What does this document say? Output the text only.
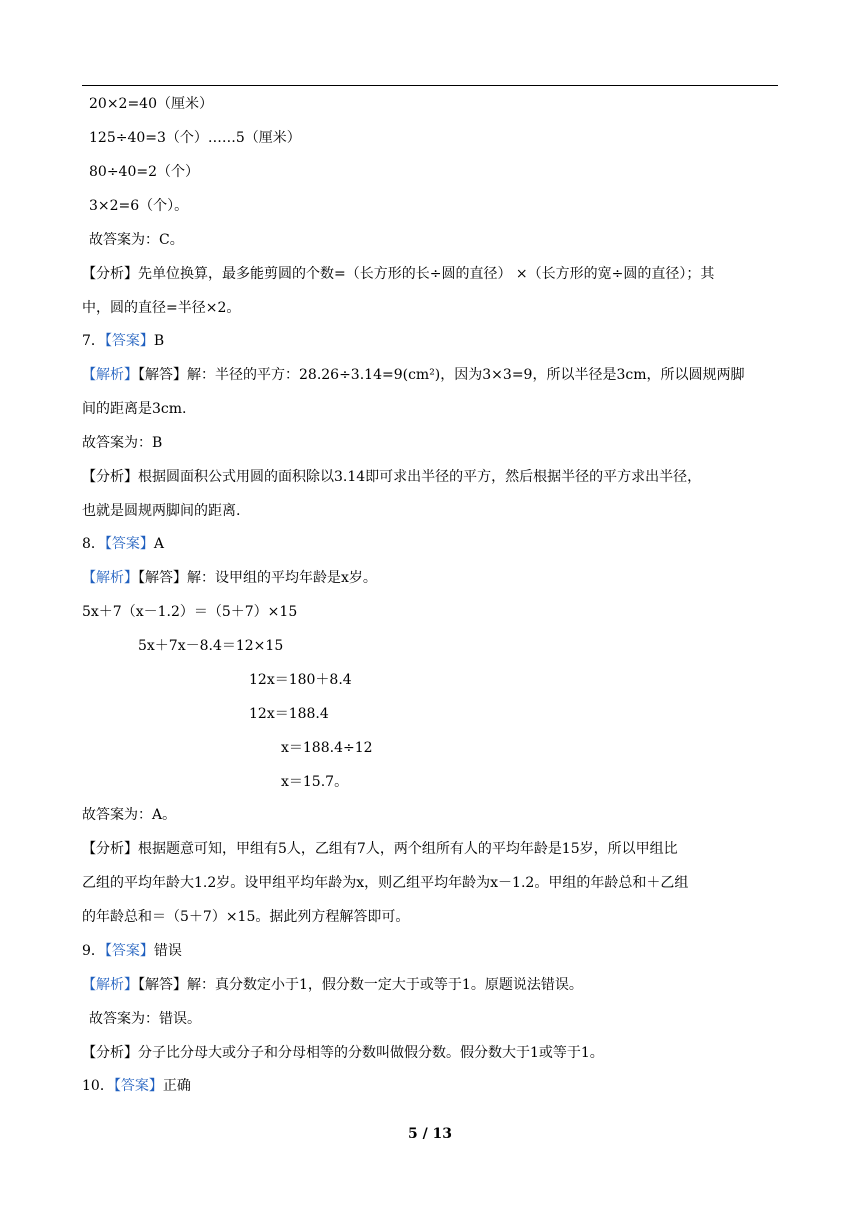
20×2=40（厘米）
125÷40=3（个）……5（厘米）
80÷40=2（个）
3×2=6（个）。
故答案为：C。
【分析】先单位换算，最多能剪圆的个数=（长方形的长÷圆的直径） ×（长方形的宽÷圆的直径）；其
中，圆的直径=半径×2。
7．【答案】B
【解析】【解答】解：半径的平方：28.26÷3.14=9(cm²)，因为3×3=9，所以半径是3cm，所以圆规两脚
间的距离是3cm.
故答案为：B
【分析】根据圆面积公式用圆的面积除以3.14即可求出半径的平方，然后根据半径的平方求出半径，
也就是圆规两脚间的距离.
8．【答案】A
【解析】【解答】解：设甲组的平均年龄是x岁。
5x＋7（x－1.2）＝（5＋7）×15
5x＋7x－8.4＝12×15
12x＝180＋8.4
12x＝188.4
x＝188.4÷12
x＝15.7。
故答案为：A。
【分析】根据题意可知，甲组有5人，乙组有7人，两个组所有人的平均年龄是15岁，所以甲组比
乙组的平均年龄大1.2岁。设甲组平均年龄为x，则乙组平均年龄为x－1.2。甲组的年龄总和＋乙组
的年龄总和＝（5＋7）×15。据此列方程解答即可。
9．【答案】错误
【解析】【解答】解：真分数定小于1，假分数一定大于或等于1。原题说法错误。
故答案为：错误。
【分析】分子比分母大或分子和分母相等的分数叫做假分数。假分数大于1或等于1。
10．【答案】正确
5 / 13
